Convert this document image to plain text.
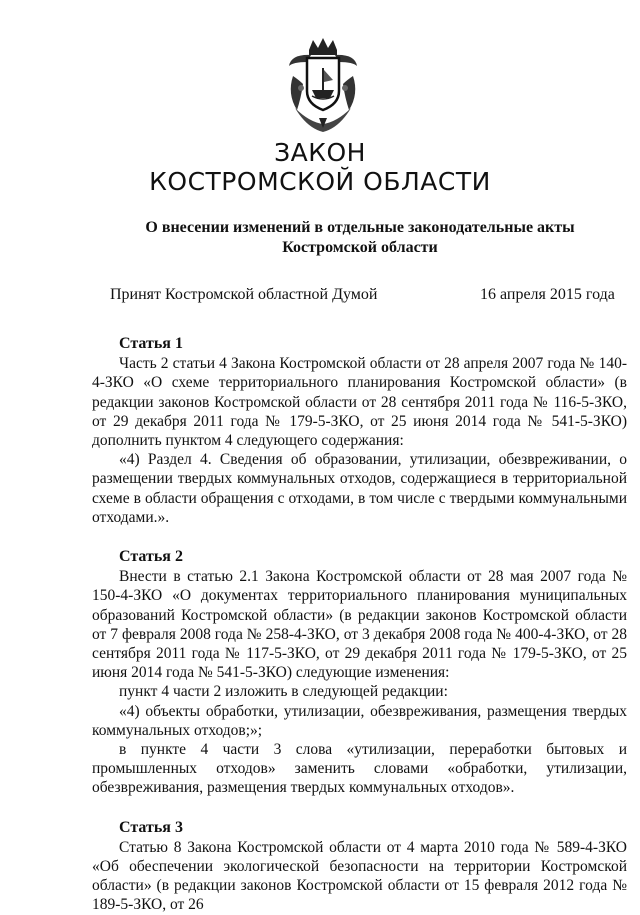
ЗАКОН
КОСТРОМСКОЙ ОБЛАСТИ
О внесении изменений в отдельные законодательные акты
Костромской области
Принят Костромской областной Думой	16 апреля 2015 года
Статья 1

Часть 2 статьи 4 Закона Костромской области от 28 апреля 2007 года № 140-4-ЗКО «О схеме территориального планирования Костромской области» (в редакции законов Костромской области от 28 сентября 2011 года № 116-5-ЗКО, от 29 декабря 2011 года № 179-5-ЗКО, от 25 июня 2014 года № 541-5-ЗКО) дополнить пунктом 4 следующего содержания:

«4) Раздел 4. Сведения об образовании, утилизации, обезвреживании, о размещении твердых коммунальных отходов, содержащиеся в территориальной схеме в области обращения с отходами, в том числе с твердыми коммунальными отходами.».

Статья 2

Внести в статью 2.1 Закона Костромской области от 28 мая 2007 года № 150-4-ЗКО «О документах территориального планирования муниципальных образований Костромской области» (в редакции законов Костромской области от 7 февраля 2008 года № 258-4-ЗКО, от 3 декабря 2008 года № 400-4-ЗКО, от 28 сентября 2011 года № 117-5-ЗКО, от 29 декабря 2011 года № 179-5-ЗКО, от 25 июня 2014 года № 541-5-ЗКО) следующие изменения:

пункт 4 части 2 изложить в следующей редакции:

«4) объекты обработки, утилизации, обезвреживания, размещения твердых коммунальных отходов;»;

в пункте 4 части 3 слова «утилизации, переработки бытовых и промышленных отходов» заменить словами «обработки, утилизации, обезвреживания, размещения твердых коммунальных отходов».

Статья 3

Статью 8 Закона Костромской области от 4 марта 2010 года № 589-4-ЗКО «Об обеспечении экологической безопасности на территории Костромской области» (в редакции законов Костромской области от 15 февраля 2012 года № 189-5-ЗКО, от 26
